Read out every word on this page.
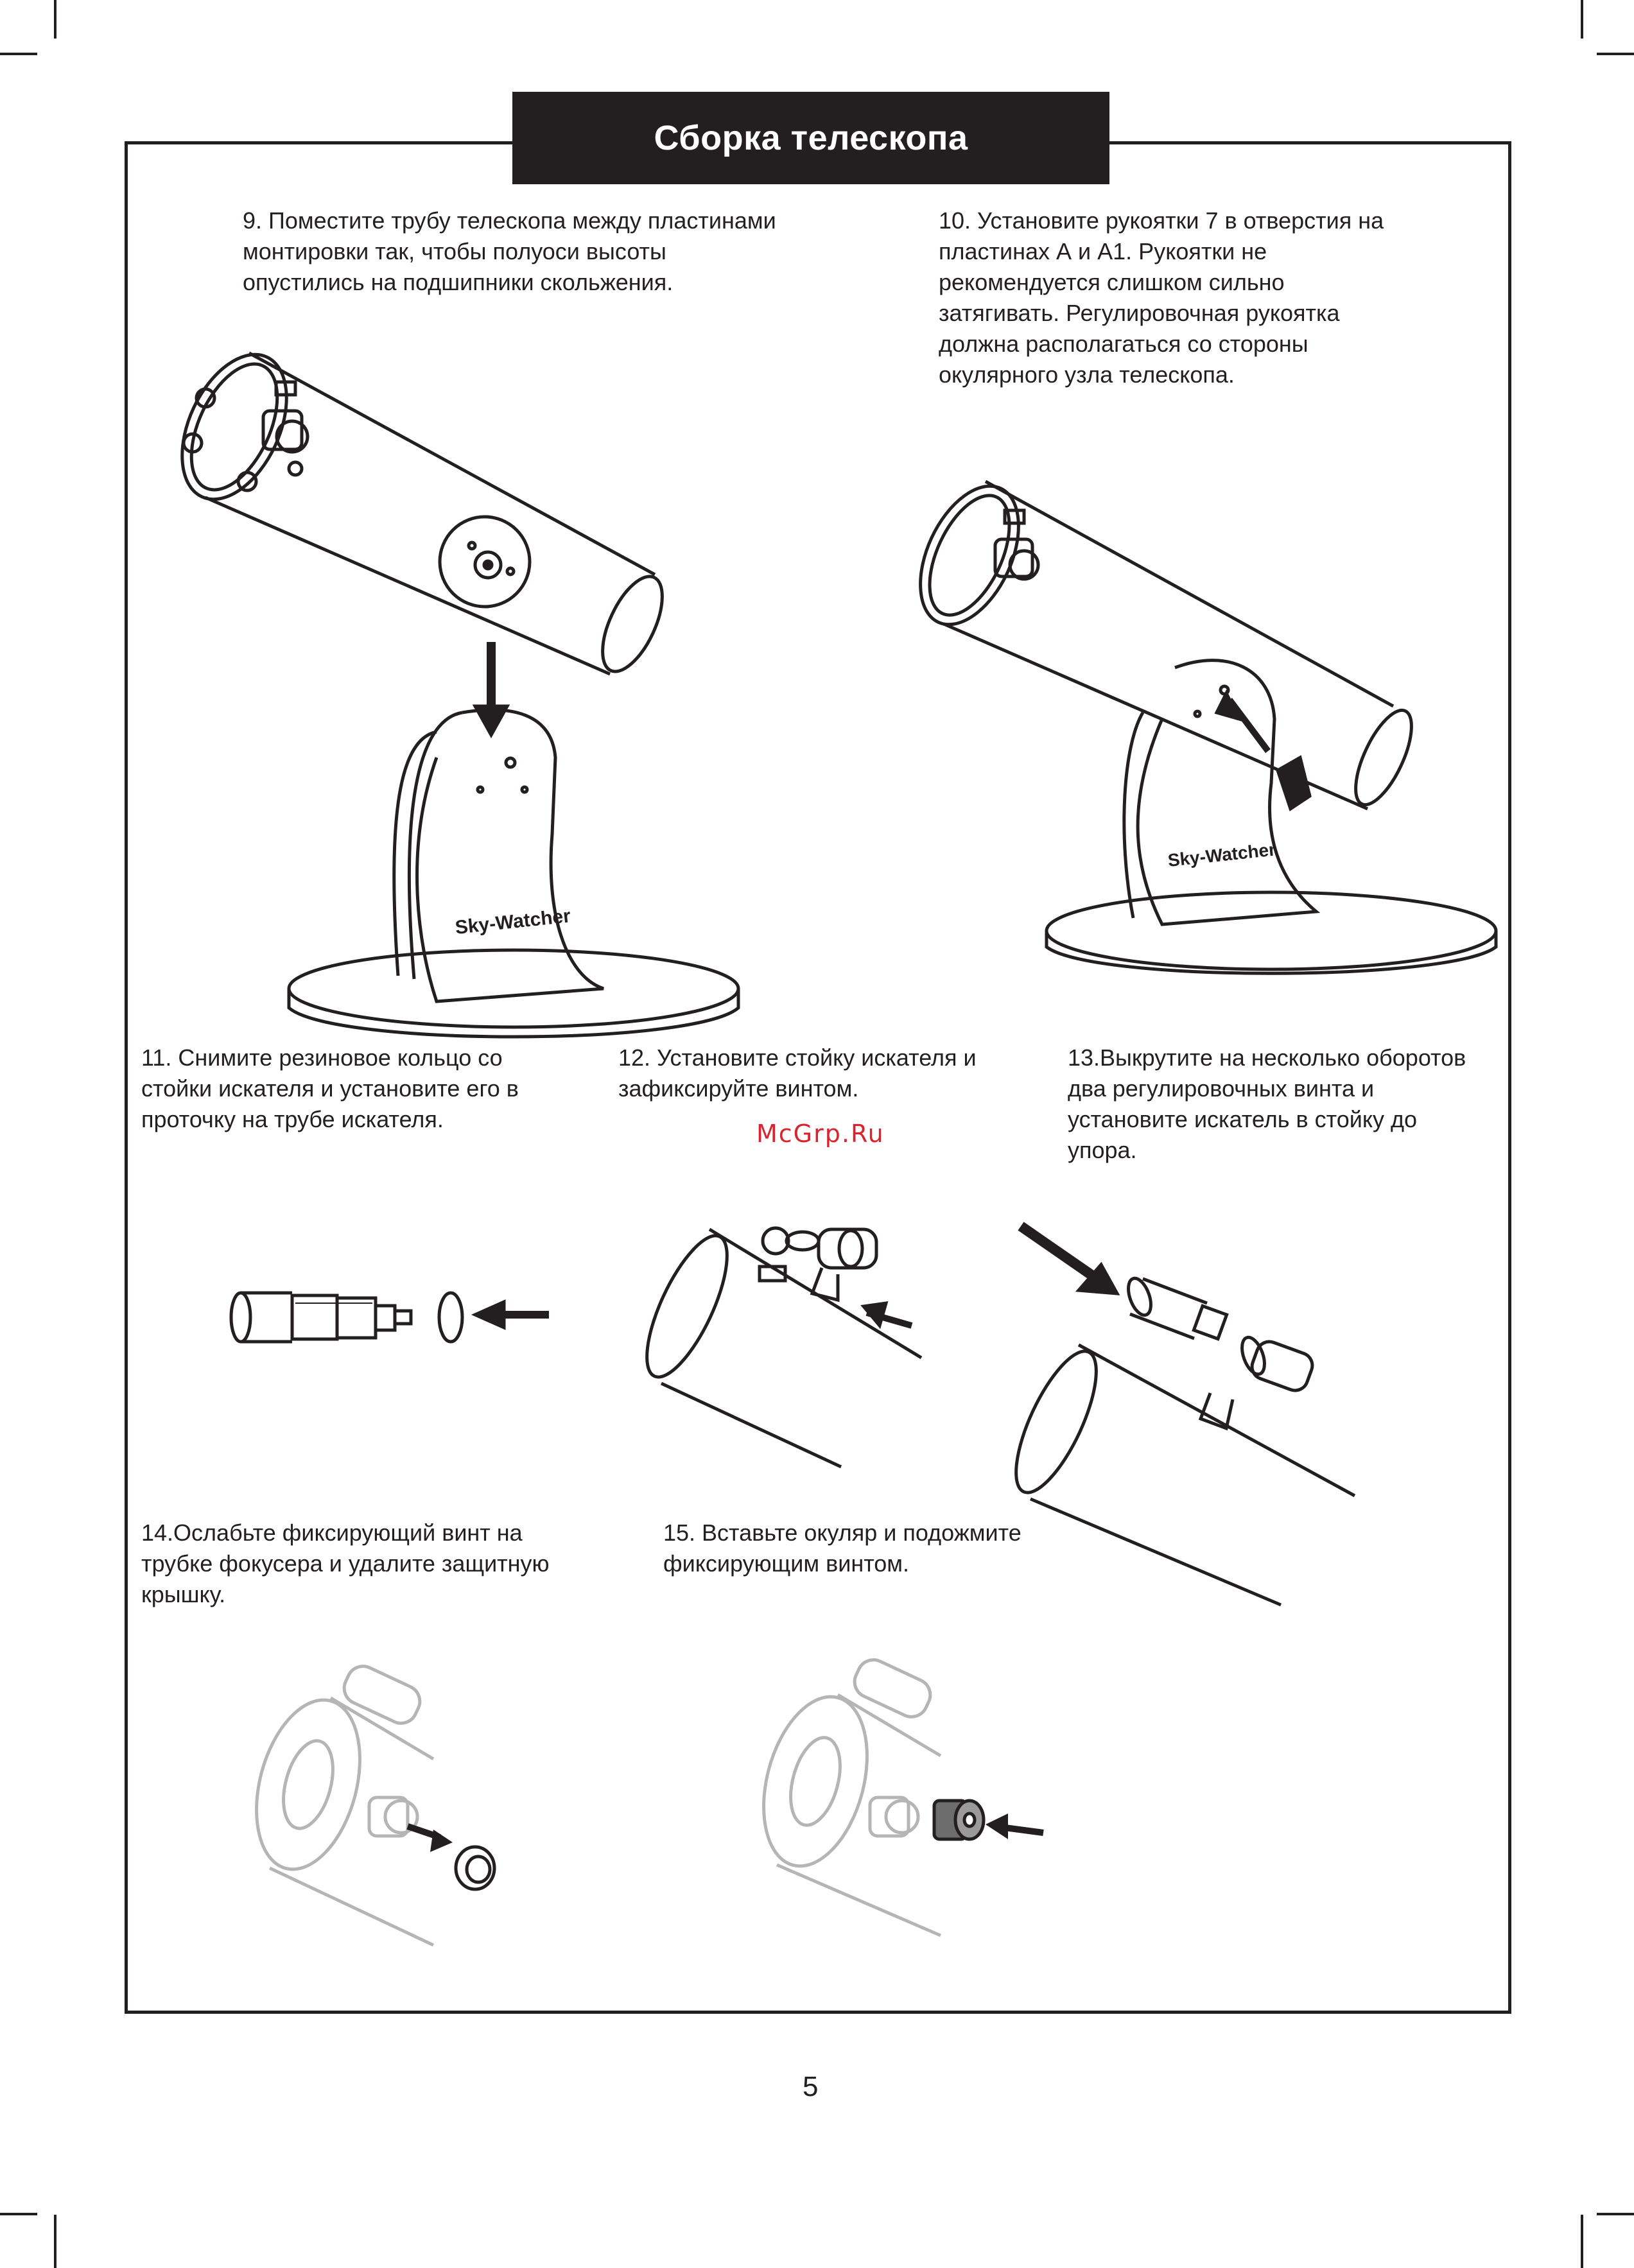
Сборка телескопа
9. Поместите трубу телескопа между пластинами
монтировки так, чтобы полуоси высоты
опустились на подшипники скольжения.
10. Установите рукоятки 7 в отверстия на
пластинах А и А1. Рукоятки не
рекомендуется слишком сильно
затягивать. Регулировочная рукоятка
должна располагаться со стороны
окулярного узла телескопа.
11. Снимите резиновое кольцо со
стойки искателя и установите его в
проточку на трубе искателя.
12. Установите стойку искателя и
зафиксируйте винтом.
13.Выкрутите на несколько оборотов
два регулировочных винта и
установите искатель в стойку до
упора.
14.Ослабьте фиксирующий винт на
трубке фокусера и удалите защитную
крышку.
15. Вставьте окуляр и подожмите
фиксирующим винтом.
McGrp.Ru
5
Sky-Watcher
Sky-Watcher
